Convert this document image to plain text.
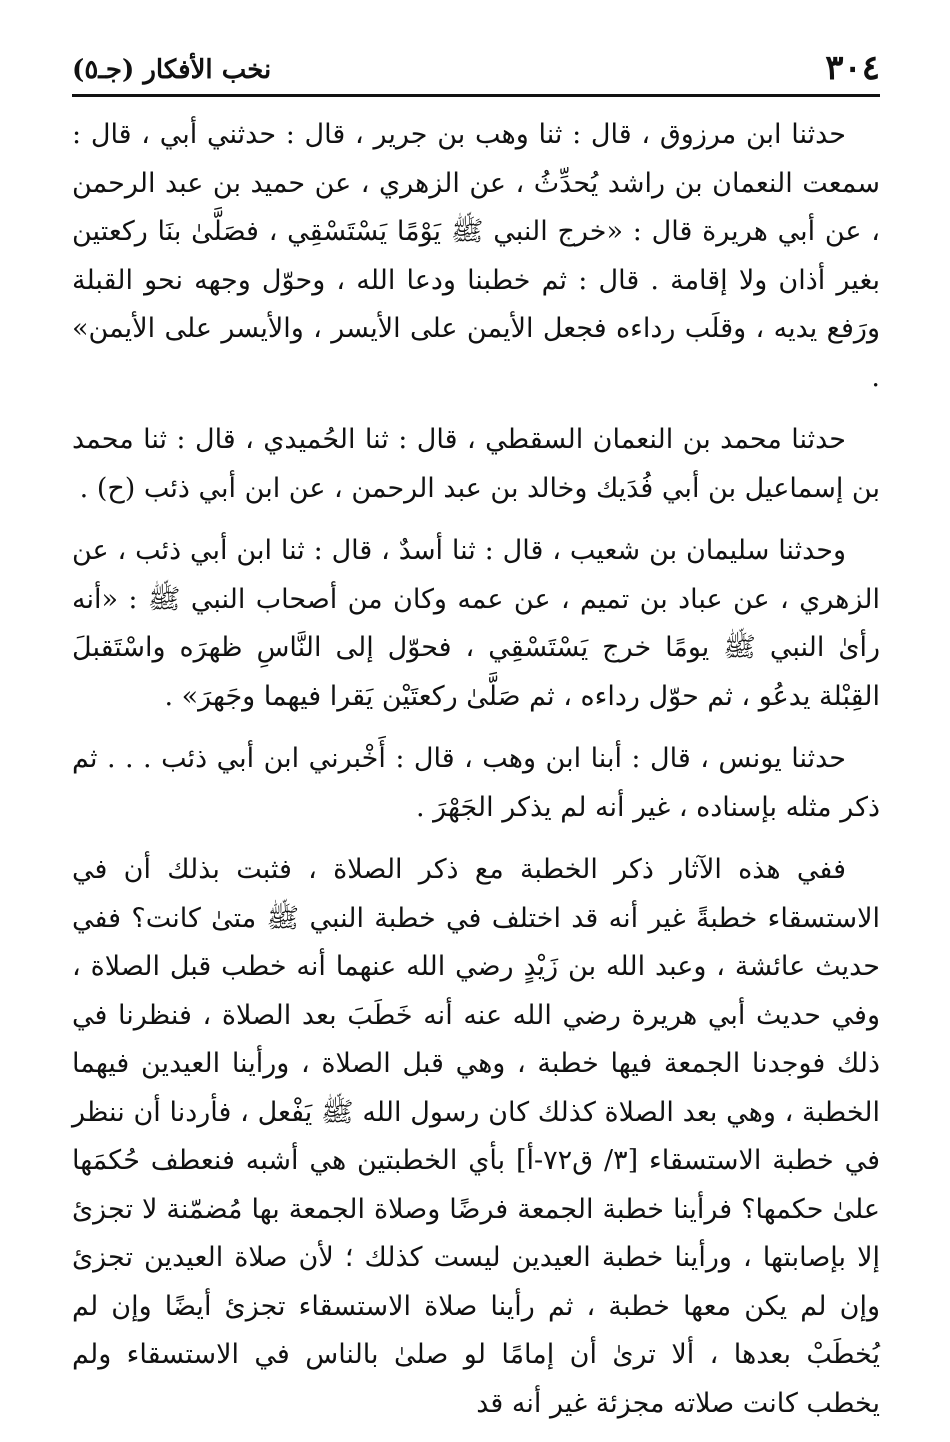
٣٠٤
نخب الأفكار (جـ٥)

حدثنا ابن مرزوق ، قال : ثنا وهب بن جرير ، قال : حدثني أبي ، قال : سمعت النعمان بن راشد يُحدِّثُ ، عن الزهري ، عن حميد بن عبد الرحمن ، عن أبي هريرة قال : «خرج النبي ﷺ يَوْمًا يَسْتَسْقِي ، فصَلَّىٰ بنَا ركعتين بغير أذان ولا إقامة . قال : ثم خطبنا ودعا الله ، وحوّل وجهه نحو القبلة ورَفع يديه ، وقلَب رداءه فجعل الأيمن على الأيسر ، والأيسر على الأيمن» .

حدثنا محمد بن النعمان السقطي ، قال : ثنا الحُميدي ، قال : ثنا محمد بن إسماعيل بن أبي فُدَيك وخالد بن عبد الرحمن ، عن ابن أبي ذئب (ح) .

وحدثنا سليمان بن شعيب ، قال : ثنا أسدٌ ، قال : ثنا ابن أبي ذئب ، عن الزهري ، عن عباد بن تميم ، عن عمه وكان من أصحاب النبي ﷺ : «أنه رأىٰ النبي ﷺ يومًا خرج يَسْتَسْقِي ، فحوّل إلى النَّاسِ ظهرَه واسْتَقبلَ القِبْلة يدعُو ، ثم حوّل رداءه ، ثم صَلَّىٰ ركعتَيْن يَقرا فيهما وجَهرَ» .

حدثنا يونس ، قال : أبنا ابن وهب ، قال : أَخْبرني ابن أبي ذئب . . . ثم ذكر مثله بإسناده ، غير أنه لم يذكر الجَهْرَ .

ففي هذه الآثار ذكر الخطبة مع ذكر الصلاة ، فثبت بذلك أن في الاستسقاء خطبةً غير أنه قد اختلف في خطبة النبي ﷺ متىٰ كانت؟ ففي حديث عائشة ، وعبد الله بن زَيْدٍ رضي الله عنهما أنه خطب قبل الصلاة ، وفي حديث أبي هريرة رضي الله عنه أنه خَطَبَ بعد الصلاة ، فنظرنا في ذلك فوجدنا الجمعة فيها خطبة ، وهي قبل الصلاة ، ورأينا العيدين فيهما الخطبة ، وهي بعد الصلاة كذلك كان رسول الله ﷺ يَفْعل ، فأردنا أن ننظر في خطبة الاستسقاء [٣/ ق٧٢-أ] بأي الخطبتين هي أشبه فنعطف حُكمَها علىٰ حكمها؟ فرأينا خطبة الجمعة فرضًا وصلاة الجمعة بها مُضمّنة لا تجزئ إلا بإصابتها ، ورأينا خطبة العيدين ليست كذلك ؛ لأن صلاة العيدين تجزئ وإن لم يكن معها خطبة ، ثم رأينا صلاة الاستسقاء تجزئ أيضًا وإن لم يُخطَبْ بعدها ، ألا ترىٰ أن إمامًا لو صلىٰ بالناس في الاستسقاء ولم يخطب كانت صلاته مجزئة غير أنه قد
